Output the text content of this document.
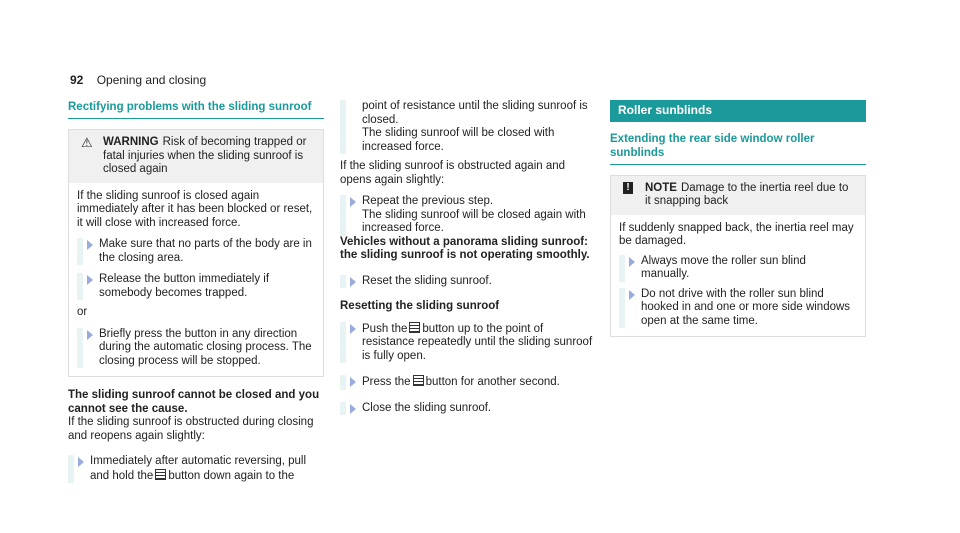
92 Opening and closing
Rectifying problems with the sliding sunroof
⚠ WARNING Risk of becoming trapped or fatal injuries when the sliding sunroof is closed again

If the sliding sunroof is closed again immediately after it has been blocked or reset, it will close with increased force.

Make sure that no parts of the body are in the closing area.
Release the button immediately if somebody becomes trapped.

or

Briefly press the button in any direction during the automatic closing process. The closing process will be stopped.

The sliding sunroof cannot be closed and you cannot see the cause.

If the sliding sunroof is obstructed during closing and reopens again slightly:

Immediately after automatic reversing, pull and hold the button down again to the

point of resistance until the sliding sunroof is closed.

The sliding sunroof will be closed with increased force.

If the sliding sunroof is obstructed again and opens again slightly:

Repeat the previous step.

The sliding sunroof will be closed again with increased force.

Vehicles without a panorama sliding sunroof: the sliding sunroof is not operating smoothly.

Reset the sliding sunroof.

Resetting the sliding sunroof

Push the button up to the point of resistance repeatedly until the sliding sunroof is fully open.
Press the button for another second.
Close the sliding sunroof.
Roller sunblinds
Extending the rear side window roller sunblinds
! NOTE Damage to the inertia reel due to it snapping back

If suddenly snapped back, the inertia reel may be damaged.

Always move the roller sun blind manually.
Do not drive with the roller sun blind hooked in and one or more side windows open at the same time.
